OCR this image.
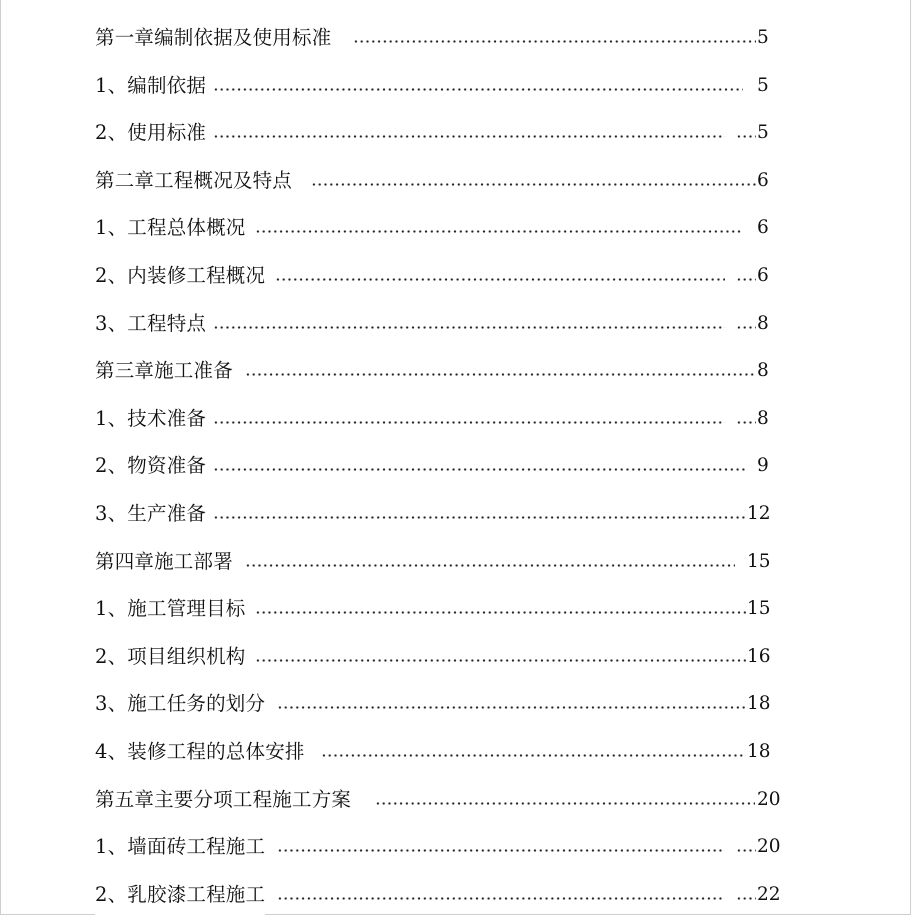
第一章编制依据及使用标准	5
1、编制依据	5
2、使用标准	5
第二章工程概况及特点	6
1、工程总体概况	6
2、内装修工程概况	6
3、工程特点	8
第三章施工准备	8
1、技术准备	8
2、物资准备	9
3、生产准备	12
第四章施工部署	15
1、施工管理目标	15
2、项目组织机构	16
3、施工任务的划分	18
4、装修工程的总体安排	18
第五章主要分项工程施工方案	20
1、墙面砖工程施工	20
2、乳胶漆工程施工	22
